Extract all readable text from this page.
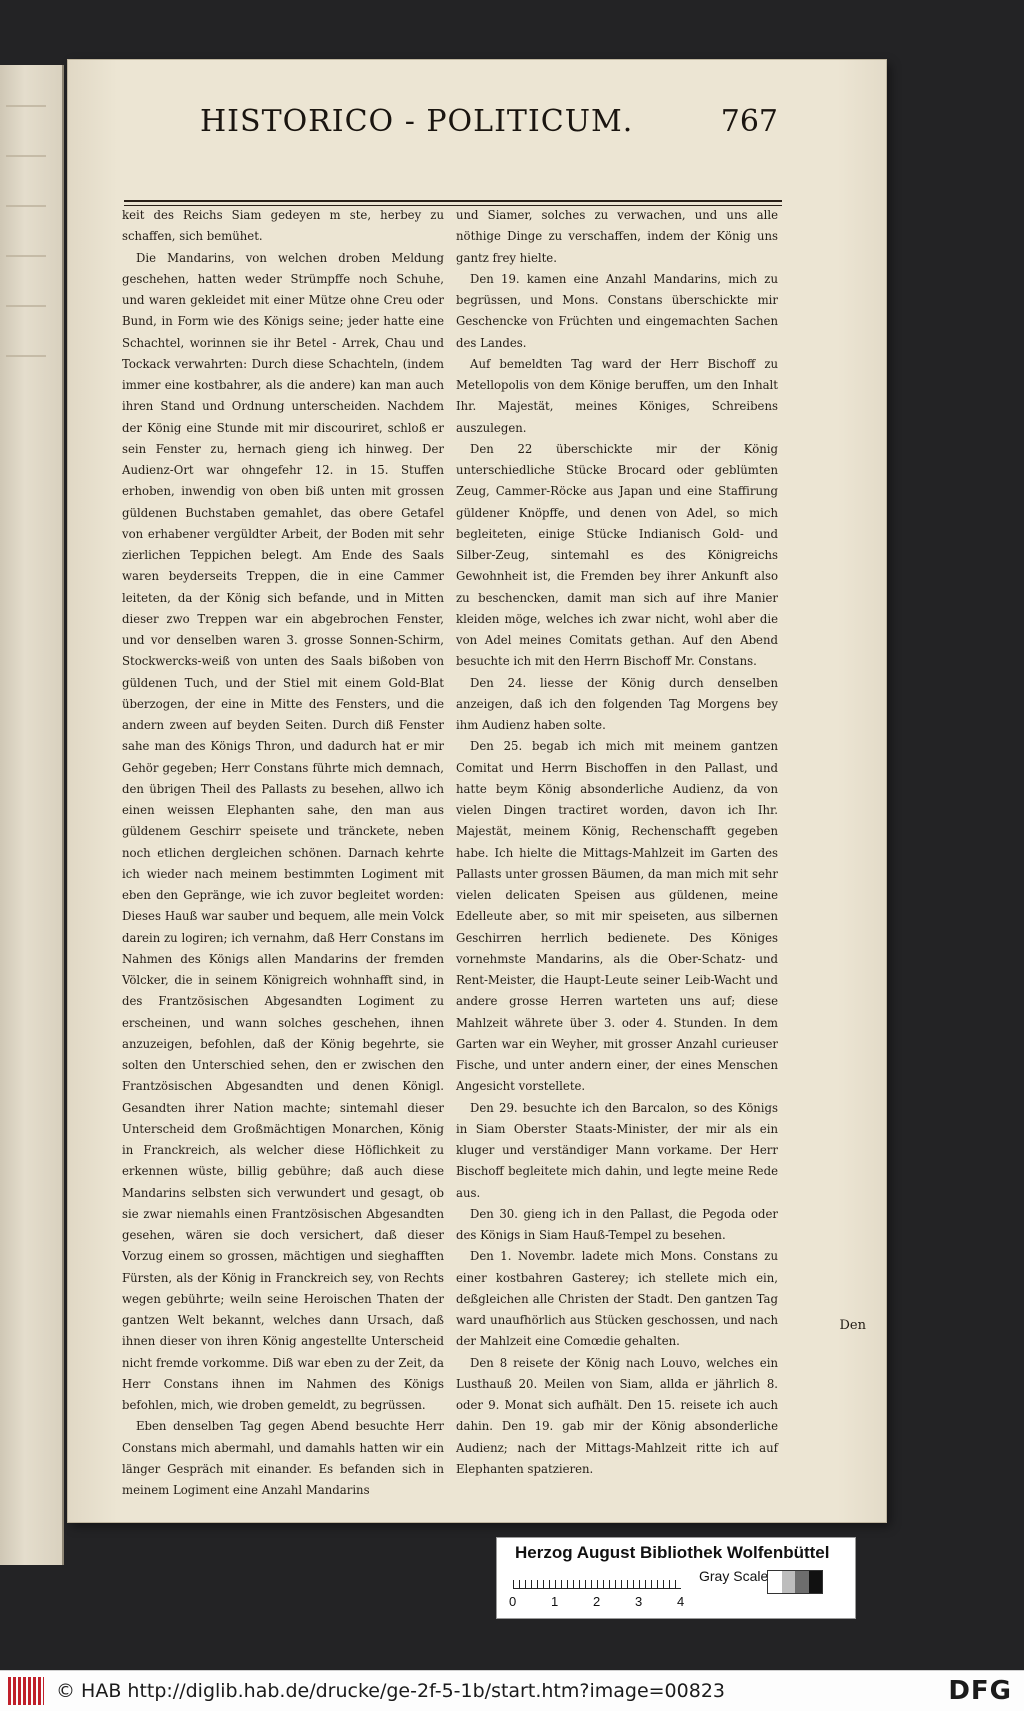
HISTORICO - POLITICUM.	767

keit des Reichs Siam gedeyen m ste, herbey zu schaffen, sich bemühet.

Die Mandarins, von welchen droben Meldung geschehen, hatten weder Strümpffe noch Schuhe, und waren gekleidet mit einer Mütze ohne Creu oder Bund, in Form wie des Königs seine; jeder hatte eine Schachtel, worinnen sie ihr Betel - Arrek, Chau und Tockack verwahrten: Durch diese Schachteln, (indem immer eine kostbahrer, als die andere) kan man auch ihren Stand und Ordnung unterscheiden. Nachdem der König eine Stunde mit mir discouriret, schloß er sein Fenster zu, hernach gieng ich hinweg. Der Audienz-Ort war ohngefehr 12. in 15. Stuffen erhoben, inwendig von oben biß unten mit grossen güldenen Buchstaben gemahlet, das obere Getafel von erhabener vergüldter Arbeit, der Boden mit sehr zierlichen Teppichen belegt. Am Ende des Saals waren beyderseits Treppen, die in eine Cammer leiteten, da der König sich befande, und in Mitten dieser zwo Treppen war ein abgebrochen Fenster, und vor denselben waren 3. grosse Sonnen-Schirm, Stockwercks-weiß von unten des Saals bißoben von güldenen Tuch, und der Stiel mit einem Gold-Blat überzogen, der eine in Mitte des Fensters, und die andern zween auf beyden Seiten. Durch diß Fenster sahe man des Königs Thron, und dadurch hat er mir Gehör gegeben; Herr Constans führte mich demnach, den übrigen Theil des Pallasts zu besehen, allwo ich einen weissen Elephanten sahe, den man aus güldenem Geschirr speisete und tränckete, neben noch etlichen dergleichen schönen. Darnach kehrte ich wieder nach meinem bestimmten Logiment mit eben den Gepränge, wie ich zuvor begleitet worden: Dieses Hauß war sauber und bequem, alle mein Volck darein zu logiren; ich vernahm, daß Herr Constans im Nahmen des Königs allen Mandarins der fremden Völcker, die in seinem Königreich wohnhafft sind, in des Frantzösischen Abgesandten Logiment zu erscheinen, und wann solches geschehen, ihnen anzuzeigen, befohlen, daß der König begehrte, sie solten den Unterschied sehen, den er zwischen den Frantzösischen Abgesandten und denen Königl. Gesandten ihrer Nation machte; sintemahl dieser Unterscheid dem Großmächtigen Monarchen, König in Franckreich, als welcher diese Höflichkeit zu erkennen wüste, billig gebühre; daß auch diese Mandarins selbsten sich verwundert und gesagt, ob sie zwar niemahls einen Frantzösischen Abgesandten gesehen, wären sie doch versichert, daß dieser Vorzug einem so grossen, mächtigen und sieghafften Fürsten, als der König in Franckreich sey, von Rechts wegen gebührte; weiln seine Heroischen Thaten der gantzen Welt bekannt, welches dann Ursach, daß ihnen dieser von ihren König angestellte Unterscheid nicht fremde vorkomme. Diß war eben zu der Zeit, da Herr Constans ihnen im Nahmen des Königs befohlen, mich, wie droben gemeldt, zu begrüssen.

Eben denselben Tag gegen Abend besuchte Herr Constans mich abermahl, und damahls hatten wir ein länger Gespräch mit einander. Es befanden sich in meinem Logiment eine Anzahl Mandarins

und Siamer, solches zu verwachen, und uns alle nöthige Dinge zu verschaffen, indem der König uns gantz frey hielte.

Den 19. kamen eine Anzahl Mandarins, mich zu begrüssen, und Mons. Constans überschickte mir Geschencke von Früchten und eingemachten Sachen des Landes.

Auf bemeldten Tag ward der Herr Bischoff zu Metellopolis von dem Könige beruffen, um den Inhalt Ihr. Majestät, meines Königes, Schreibens auszulegen.

Den 22 überschickte mir der König unterschiedliche Stücke Brocard oder geblümten Zeug, Cammer-Röcke aus Japan und eine Staffirung güldener Knöpffe, und denen von Adel, so mich begleiteten, einige Stücke Indianisch Gold- und Silber-Zeug, sintemahl es des Königreichs Gewohnheit ist, die Fremden bey ihrer Ankunft also zu beschencken, damit man sich auf ihre Manier kleiden möge, welches ich zwar nicht, wohl aber die von Adel meines Comitats gethan. Auf den Abend besuchte ich mit den Herrn Bischoff Mr. Constans.

Den 24. liesse der König durch denselben anzeigen, daß ich den folgenden Tag Morgens bey ihm Audienz haben solte.

Den 25. begab ich mich mit meinem gantzen Comitat und Herrn Bischoffen in den Pallast, und hatte beym König absonderliche Audienz, da von vielen Dingen tractiret worden, davon ich Ihr. Majestät, meinem König, Rechenschafft gegeben habe. Ich hielte die Mittags-Mahlzeit im Garten des Pallasts unter grossen Bäumen, da man mich mit sehr vielen delicaten Speisen aus güldenen, meine Edelleute aber, so mit mir speiseten, aus silbernen Geschirren herrlich bedienete. Des Königes vornehmste Mandarins, als die Ober-Schatz- und Rent-Meister, die Haupt-Leute seiner Leib-Wacht und andere grosse Herren warteten uns auf; diese Mahlzeit währete über 3. oder 4. Stunden. In dem Garten war ein Weyher, mit grosser Anzahl curieuser Fische, und unter andern einer, der eines Menschen Angesicht vorstellete.

Den 29. besuchte ich den Barcalon, so des Königs in Siam Oberster Staats-Minister, der mir als ein kluger und verständiger Mann vorkame. Der Herr Bischoff begleitete mich dahin, und legte meine Rede aus.

Den 30. gieng ich in den Pallast, die Pegoda oder des Königs in Siam Hauß-Tempel zu besehen.

Den 1. Novembr. ladete mich Mons. Constans zu einer kostbahren Gasterey; ich stellete mich ein, deßgleichen alle Christen der Stadt. Den gantzen Tag ward unaufhörlich aus Stücken geschossen, und nach der Mahlzeit eine Comœdie gehalten.

Den 8 reisete der König nach Louvo, welches ein Lusthauß 20. Meilen von Siam, allda er jährlich 8. oder 9. Monat sich aufhält. Den 15. reisete ich auch dahin. Den 19. gab mir der König absonderliche Audienz; nach der Mittags-Mahlzeit ritte ich auf Elephanten spatzieren.

Den
Herzog August Bibliothek Wolfenbüttel
0	1	2	3	4
Gray Scale
© HAB http://diglib.hab.de/drucke/ge-2f-5-1b/start.htm?image=00823	DFG
